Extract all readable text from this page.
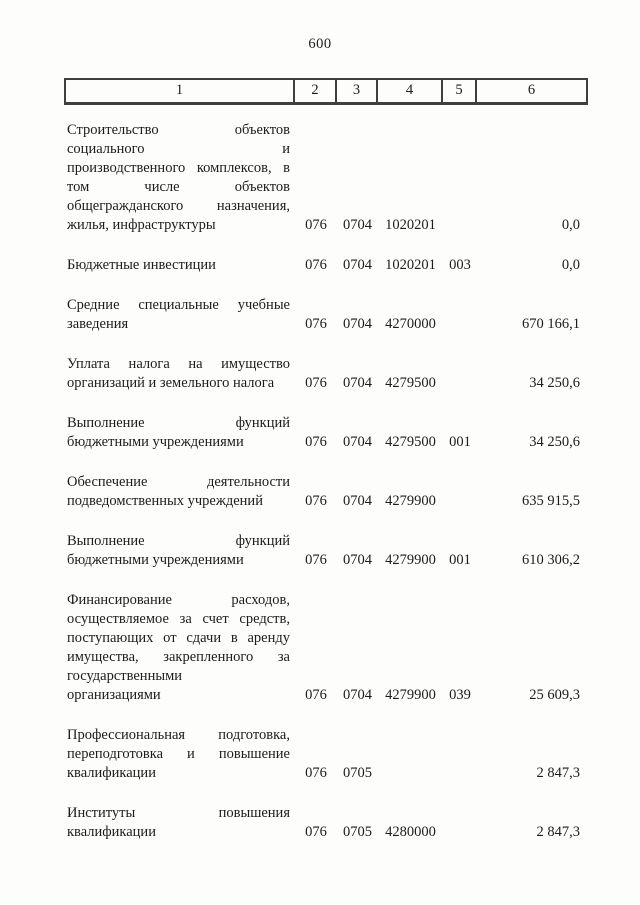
600
1	2	3	4	5	6
Строительство объектов
социального и
производственного комплексов, в
том числе объектов
общегражданского назначения,
жилья, инфраструктуры	076	0704 1020201	0,0
Бюджетные инвестиции	076	0704 1020201 003	0,0
Средние специальные учебные
заведения	076	0704 4270000	670 166,1
Уплата налога на имущество
организаций и земельного налога	076	0704 4279500	34 250,6
Выполнение функций
бюджетными учреждениями	076	0704 4279500 001	34 250,6
Обеспечение деятельности
подведомственных учреждений	076	0704 4279900	635 915,5
Выполнение функций
бюджетными учреждениями	076	0704 4279900 001	610 306,2
Финансирование расходов,
осуществляемое за счет средств,
поступающих от сдачи в аренду
имущества, закрепленного за
государственными
организациями	076	0704 4279900 039	25 609,3
Профессиональная подготовка,
переподготовка и повышение
квалификации	076	0705	2 847,3
Институты повышения
квалификации	076	0705 4280000	2 847,3
